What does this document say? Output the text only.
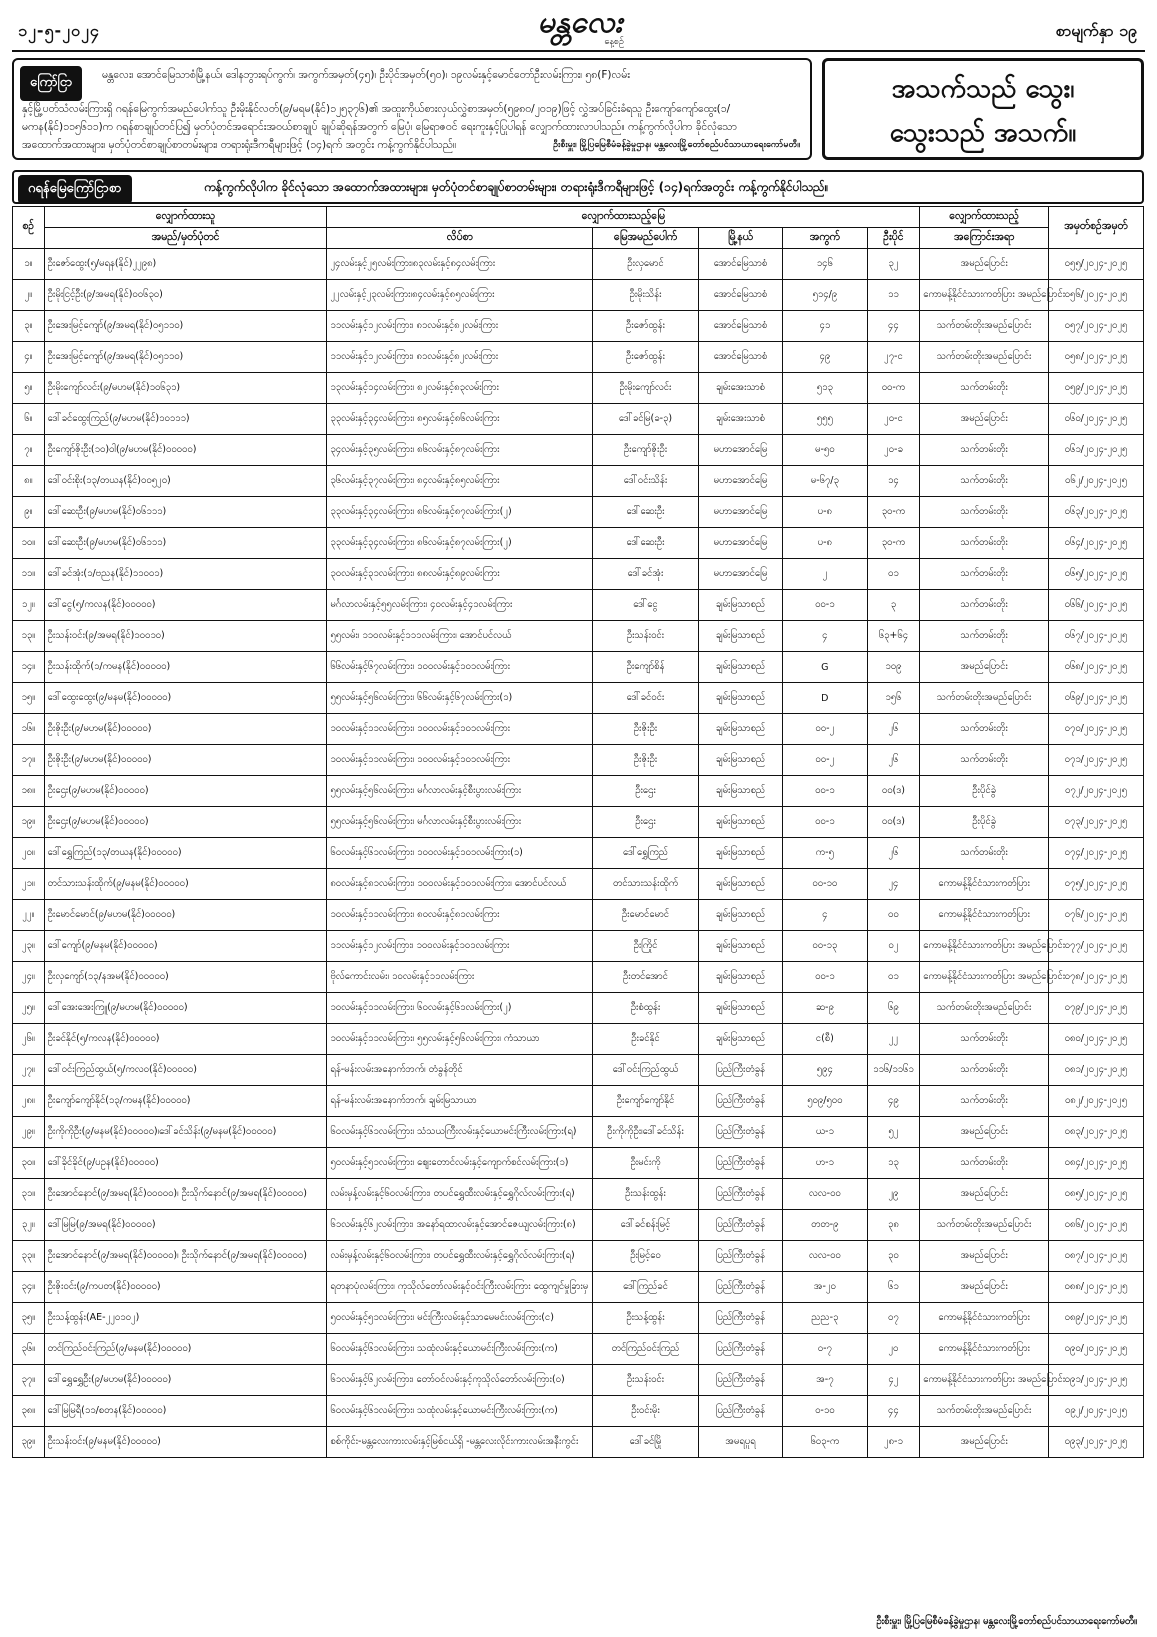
၁၂-၅-၂၀၂၄	မန္တလေး
နေ့စဉ်
စာမျက်နှာ ၁၉
ကြော်ငြာ	မန္တလေး၊ အောင်မြေသာစံမြို့နယ်၊ ဒေါနဘွားရပ်ကွက်၊ အကွက်အမှတ်(၄၅)၊ ဦးပိုင်အမှတ်(၅၀)၊ ၁၉လမ်းနှင့်မောင်တော်ဦးလမ်းကြား၊ ၅၈(F)လမ်း
နှင့်မြို့ပတ်သံလမ်းကြားရှိ ဂရန်မြေကွက်အမည်ပေါက်သူ ဦးမိုးနိုင်လတ်(၉/မရမ(နိုင်)၁၂၅၃၇၆)၏ အထူးကိုယ်စားလှယ်လွှဲစာအမှတ်(၅၉၈၀/၂၀၁၉)ဖြင့် လွှဲအပ်ခြင်းခံရသူ ဦးကျော်ကျော်ထွေး(၁/မကန(နိုင်)၁၁၅၆၁၁)က ဂရန်စာချုပ်တင်ပြ၍ မှတ်ပုံတင်အရောင်းအဝယ်စာချုပ် ချုပ်ဆိုရန်အတွက် မြေပုံ၊ မြေရာဇဝင် ရေးကူးနှင့်ပြုပါရန် လျှောက်ထားလာပါသည်။ ကန့်ကွက်လိုပါက ခိုင်လုံသောအထောက်အထားများ၊ မှတ်ပုံတင်စာချုပ်စာတမ်းများ၊ တရားရုံးဒီကရီများဖြင့် (၁၄)ရက် အတွင်း ကန့်ကွက်နိုင်ပါသည်။	ဦးစီးမှူး၊ မြို့ပြမြေစီမံခန့်ခွဲမှုဌာန၊ မန္တလေးမြို့တော်စည်ပင်သာယာရေးကော်မတီ။
အသက်သည် သွေး၊
သွေးသည် အသက်။
ဂရန်မြေကြော်ငြာစာ	ကန့်ကွက်လိုပါက ခိုင်လုံသော အထောက်အထားများ၊ မှတ်ပုံတင်စာချုပ်စာတမ်းများ၊ တရားရုံးဒီကရီများဖြင့် (၁၄)ရက်အတွင်း ကန့်ကွက်နိုင်ပါသည်။
စဉ်	လျှောက်ထားသူ	လျှောက်ထားသည့်မြေ					လျှောက်ထားသည့်	အမှတ်စဉ်အမှတ်
	အမည်/မှတ်ပုံတင်	လိပ်စာ	မြေအမည်ပေါက်	မြို့နယ်	အကွက်	ဦးပိုင်	အကြောင်းအရာ	
၁။	ဦးဇော်ထွေး(၅/မရန(နိုင်)၂၂၉၈)	၂၄လမ်းနှင့်၂၅လမ်းကြား၊၈၃လမ်းနှင့်၈၄လမ်းကြား	ဦးလှမောင်	အောင်မြေသာစံ	၁၄၆	၃၂	အမည်ပြောင်း	၀၅၅/၂၀၂၄-၂၀၂၅
၂။	ဦးမိုးငြင့်ဦး(၉/အမရ(နိုင်)၀၀၆၃၀)	၂၂လမ်းနှင့်၂၃လမ်းကြား၊၈၄လမ်းနှင့်၈၅လမ်းကြား	ဦးမိုးသိန်း	အောင်မြေသာစံ	၅၁၄/၉	၁၁	ကောမန့်နိုင်ငံသားကတ်ပြား အမည်ပြောင်း	၀၅၆/၂၀၂၄-၂၀၂၅
၃။	ဦးအေးမြင့်ကျော်(၉/အမရ(နိုင်)၀၅၁၁၀)	၁၁လမ်းနှင့်၁၂လမ်းကြား၊ ၈၁လမ်းနှင့်၈၂လမ်းကြား	ဦးဇော်ထွန်း	အောင်မြေသာစံ	၄၁	၄၄	သက်တမ်းတိုးအမည်ပြောင်း	၀၅၇/၂၀၂၄-၂၀၂၅
၄။	ဦးအေးမြင့်ကျော်(၉/အမရ(နိုင်)၀၅၁၁၀)	၁၁လမ်းနှင့်၁၂လမ်းကြား၊ ၈၁လမ်းနှင့်၈၂လမ်းကြား	ဦးဇော်ထွန်း	အောင်မြေသာစံ	၄၉	၂၇-င	သက်တမ်းတိုးအမည်ပြောင်း	၀၅၈/၂၀၂၄-၂၀၂၅
၅။	ဦးမိုးကျော်လင်း(၉/မဟမ(နိုင်)၁၀၆၃၁)	၁၃လမ်းနှင့်၁၄လမ်းကြား၊ ၈၂လမ်းနှင့်၈၃လမ်းကြား	ဦးမိုးကျော်လင်း	ချမ်းအေးသာစံ	၅၁၃	၀၀-က	သက်တမ်းတိုး	၀၅၉/၂၀၂၄-၂၀၂၅
၆။	ဒေါ်ခင်ထွေးကြည်(၉/မဟမ(နိုင်)၁၀၁၁၁)	၃၃လမ်းနှင့်၃၄လမ်းကြား၊ ၈၅လမ်းနှင့်၈၆လမ်းကြား	ဒေါ်ခင်မြ(ခ-၃)	ချမ်းအေးသာစံ	၅၅၅	၂၀-င	အမည်ပြောင်း	၀၆၀/၂၀၂၄-၂၀၂၅
၇။	ဦးကျော်ဇိုးဦး(၁၀)ဝါ(၉/မဟမ(နိုင်)၀၀၀၀၀)	၃၄လမ်းနှင့်၃၅လမ်းကြား၊ ၈၆လမ်းနှင့်၈၇လမ်းကြား	ဦးကျော်ဇိုးဦး	မဟာအောင်မြေ	မ-၅၀	၂၀-ခ	သက်တမ်းတိုး	၀၆၁/၂၀၂၄-၂၀၂၅
၈။	ဒေါ်ဝင်းစိုး(၁၃/တယန(နိုင်)၀၀၅၂၀)	၃၆လမ်းနှင့်၃၇လမ်းကြား၊ ၈၄လမ်းနှင့်၈၅လမ်းကြား	ဒေါ်ဝင်းသိန်း	မဟာအောင်မြေ	မ-၆၇/၃	၁၄	သက်တမ်းတိုး	၀၆၂/၂၀၂၄-၂၀၂၅
၉။	ဒေါ်ဆေးဦး(၉/မဟမ(နိုင်)၀၆၁၁၁)	၃၃လမ်းနှင့်၃၄လမ်းကြား၊ ၈၆လမ်းနှင့်၈၇လမ်းကြား(၂)	ဒေါ်ဆေးဦး	မဟာအောင်မြေ	ပ-၈	၃၀-က	သက်တမ်းတိုး	၀၆၃/၂၀၂၄-၂၀၂၅
၁၀။	ဒေါ်ဆေးဦး(၉/မဟမ(နိုင်)၀၆၁၁၁)	၃၃လမ်းနှင့်၃၄လမ်းကြား၊ ၈၆လမ်းနှင့်၈၇လမ်းကြား(၂)	ဒေါ်ဆေးဦး	မဟာအောင်မြေ	ပ-၈	၃၀-က	သက်တမ်းတိုး	၀၆၄/၂၀၂၄-၂၀၂၅
၁၁။	ဒေါ်ခင်အုံး(၁/ဗညန(နိုင်)၁၁၀၀၁)	၃၀လမ်းနှင့်၃၁လမ်းကြား၊ ၈၈လမ်းနှင့်၈၉လမ်းကြား	ဒေါ်ခင်အုံး	မဟာအောင်မြေ	၂	၀၁	သက်တမ်းတိုး	၀၆၅/၂၀၂၄-၂၀၂၅
၁၂။	ဒေါ်ငွေ(၅/ကလန(နိုင်)၀၀၀၀၀)	မင်္ဂလာလမ်းနှင့်၅၅လမ်းကြား၊ ၄၀လမ်းနှင့်၄၁လမ်းကြား	ဒေါ်ငွေ	ချမ်းမြသာစည်	၀၀-၁	၃	သက်တမ်းတိုး	၀၆၆/၂၀၂၄-၂၀၂၅
၁၃။	ဦးသန်းဝင်း(၉/အမရ(နိုင်)၁၀၀၁၀)	၅၅လမ်း၊ ၁၁၀လမ်းနှင့်၁၁၁လမ်းကြား၊ အောင်ပင်လယ်	ဦးသန်းဝင်း	ချမ်းမြသာစည်	၄	၆၃+၆၄	သက်တမ်းတိုး	၀၆၇/၂၀၂၄-၂၀၂၅
၁၄။	ဦးသန်းထိုက်(၁/ကမန(နိုင်)၀၀၀၀၀)	၆၆လမ်းနှင့်၆၇လမ်းကြား၊ ၁၀၀လမ်းနှင့်၁၀၁လမ်းကြား	ဦးကျော်စိန်	ချမ်းမြသာစည်	G	၁၀၉	အမည်ပြောင်း	၀၆၈/၂၀၂၄-၂၀၂၅
၁၅။	ဒေါ်ထွေးထွေး(၉/မနမ(နိုင်)၀၀၀၀၀)	၅၅လမ်းနှင့်၅၆လမ်းကြား၊ ၆၆လမ်းနှင့်၆၇လမ်းကြား(၁)	ဒေါ်ခင်ဝင်း	ချမ်းမြသာစည်	D	၁၅၆	သက်တမ်းတိုးအမည်ပြောင်း	၀၆၉/၂၀၂၄-၂၀၂၅
၁၆။	ဦးဇိုးဦး(၉/မဟမ(နိုင်)၀၀၀၀၀)	၁၀လမ်းနှင့်၁၁လမ်းကြား၊ ၁၀၀လမ်းနှင့်၁၀၁လမ်းကြား	ဦးဇိုးဦး	ချမ်းမြသာစည်	၀၀-၂	၂၆	သက်တမ်းတိုး	၀၇၀/၂၀၂၄-၂၀၂၅
၁၇။	ဦးဇိုးဦး(၉/မဟမ(နိုင်)၀၀၀၀၀)	၁၀လမ်းနှင့်၁၁လမ်းကြား၊ ၁၀၀လမ်းနှင့်၁၀၁လမ်းကြား	ဦးဇိုးဦး	ချမ်းမြသာစည်	၀၀-၂	၂၆	သက်တမ်းတိုး	၀၇၁/၂၀၂၄-၂၀၂၅
၁၈။	ဦးဌေး(၉/မဟမ(နိုင်)၀၀၀၀၀)	၅၅လမ်းနှင့်၅၆လမ်းကြား၊ မင်္ဂလာလမ်းနှင့်စီးပွားလမ်းကြား	ဦးဌေး	ချမ်းမြသာစည်	၀၀-၁	၀၀(ဒ)	ဦးပိုင်ခွဲ	၀၇၂/၂၀၂၄-၂၀၂၅
၁၉။	ဦးဌေး(၉/မဟမ(နိုင်)၀၀၀၀၀)	၅၅လမ်းနှင့်၅၆လမ်းကြား၊ မင်္ဂလာလမ်းနှင့်စီးပွားလမ်းကြား	ဦးဌေး	ချမ်းမြသာစည်	၀၀-၁	၀၀(ဒ)	ဦးပိုင်ခွဲ	၀၇၃/၂၀၂၄-၂၀၂၅
၂၀။	ဒေါ်ရွှေကြည်(၁၃/တယန(နိုင်)၀၀၀၀၀)	၆၀လမ်းနှင့်၆၁လမ်းကြား၊ ၁၀၀လမ်းနှင့်၁၀၁လမ်းကြား(၁)	ဒေါ်ရွှေကြည်	ချမ်းမြသာစည်	က-၅	၂၆	သက်တမ်းတိုး	၀၇၄/၂၀၂၄-၂၀၂၅
၂၁။	တင်သားသန်းထိုက်(၉/မနမ(နိုင်)၀၀၀၀၀)	၈၀လမ်းနှင့်၈၁လမ်းကြား၊ ၁၀၀လမ်းနှင့်၁၀၁လမ်းကြား၊ အောင်ပင်လယ်	တင်သားသန်းထိုက်	ချမ်းမြသာစည်	၀၀-၁၀	၂၄	ကောမန့်နိုင်ငံသားကတ်ပြား	၀၇၅/၂၀၂၄-၂၀၂၅
၂၂။	ဦးမောင်မောင်(၉/မဟမ(နိုင်)၀၀၀၀၀)	၁၀လမ်းနှင့်၁၁လမ်းကြား၊ ၈၀လမ်းနှင့်၈၁လမ်းကြား	ဦးမောင်မောင်	ချမ်းမြသာစည်	၄	၀၀	ကောမန့်နိုင်ငံသားကတ်ပြား	၀၇၆/၂၀၂၄-၂၀၂၅
၂၃။	ဒေါ်ကျော်(၉/မနမ(နိုင်)၀၀၀၀၀)	၁၁လမ်းနှင့်၁၂လမ်းကြား၊ ၁၀၀လမ်းနှင့်၁၀၁လမ်းကြား	ဦးကြိုင်	ချမ်းမြသာစည်	၀၀-၁၃	၀၂	ကောမန့်နိုင်ငံသားကတ်ပြား အမည်ပြောင်း	၀၇၇/၂၀၂၄-၂၀၂၅
၂၄။	ဦးလှကျော်(၁၃/နအမ(နိုင်)၀၀၀၀၀)	ဗိုလ်ကောင်းလမ်း၊ ၁၀လမ်းနှင့်၁၁လမ်းကြား	ဦးတင်အောင်	ချမ်းမြသာစည်	၀၀-၁	၀၁	ကောမန့်နိုင်ငံသားကတ်ပြား အမည်ပြောင်း	၀၇၈/၂၀၂၄-၂၀၂၅
၂၅။	ဒေါ်အေးအေးကြူ(၉/မဟမ(နိုင်)၀၀၀၀၀)	၁၀လမ်းနှင့်၁၁လမ်းကြား၊ ၆၀လမ်းနှင့်၆၁လမ်းကြား(၂)	ဦးစံထွန်း	ချမ်းမြသာစည်	ဆ-၉	၆၉	သက်တမ်းတိုးအမည်ပြောင်း	၀၇၉/၂၀၂၄-၂၀၂၅
၂၆။	ဦးခင်နိုင်(၅/ကလန(နိုင်)၀၀၀၀၀)	၁၀လမ်းနှင့်၁၁လမ်းကြား၊ ၅၅လမ်းနှင့်၅၆လမ်းကြား၊ ကံသာယာ	ဦးခင်နိုင်	ချမ်းမြသာစည်	င(စီ)	၂၂	သက်တမ်းတိုး	၀၈၀/၂၀၂၄-၂၀၂၅
၂၇။	ဒေါ်ဝင်းကြည်ထွယ်(၅/ကလဝ(နိုင်)၀၀၀၀၀)	ရန်-မန်းလမ်းအနောက်ဘက်၊ တံခွန်တိုင်	ဒေါ်ဝင်းကြည်ထွယ်	ပြည်ကြီးတံခွန်	၅၉၄	၁၁၆/၁၁၆၁	သက်တမ်းတိုး	၀၈၁/၂၀၂၄-၂၀၂၅
၂၈။	ဦးကျော်ကျော်နိုင်(၁၃/ကမန(နိုင်)၀၀၀၀၀)	ရန်-မန်းလမ်းအနောက်ဘက်၊ ချမ်းမြသာယာ	ဦးကျော်ကျော်နိုင်	ပြည်ကြီးတံခွန်	၅၀၉/၅၀၀	၄၉	သက်တမ်းတိုး	၀၈၂/၂၀၂၄-၂၀၂၅
၂၉။	ဦးကိုကိုဦး(၉/မနမ(နိုင်)၀၀၀၀၀)၊ဒေါ်ခင်သိန်း(၉/မနမ(နိုင်)၀၀၀၀၀)	၆၀လမ်းနှင့်၆၁လမ်းကြား၊ သံသယကြီးလမ်းနှင့်ယောမင်းကြီးလမ်းကြား(ရ)	ဦးကိုကိုဦး၊ဒေါ်ခင်သိန်း	ပြည်ကြီးတံခွန်	ယ-၁	၅၂	အမည်ပြောင်း	၀၈၃/၂၀၂၄-၂၀၂၅
၃၀။	ဒေါ်ခိုင်ခိုင်(၉/ပဥန(နိုင်)၀၀၀၀၀)	၅၀လမ်းနှင့်၅၁လမ်းကြား၊ ဈေးတောင်လမ်းနှင့်ကျောက်စင်လမ်းကြား(၁)	ဦးမင်းကို	ပြည်ကြီးတံခွန်	ဟ-၁	၁၃	သက်တမ်းတိုး	၀၈၄/၂၀၂၄-၂၀၂၅
၃၁။	ဦးအောင်နောင်(၉/အမရ(နိုင်)၀၀၀၀၀)၊ ဦးသိုက်နောင်(၉/အမရ(နိုင်)၀၀၀၀၀)	လမ်းမှန့်လမ်းနှင့်၆၀လမ်းကြား၊ တပင်ရွှေထီးလမ်းနှင့်ရွှေဂိုလ်လမ်းကြား(ရ)	ဦးသန်းထွန်း	ပြည်ကြီးတံခွန်	လလ-၀၀	၂၉	အမည်ပြောင်း	၀၈၅/၂၀၂၄-၂၀၂၅
၃၂။	ဒေါ်မြမြ(၉/အမရ(နိုင်)၀၀၀၀၀)	၆၁လမ်းနှင့်၆၂လမ်းကြား၊ အနော်ရထာလမ်းနှင့်အောင်ဇေယျလမ်းကြား(၈)	ဒေါ်ခင်စန်းမြင့်	ပြည်ကြီးတံခွန်	တတ-၉	၃၈	သက်တမ်းတိုးအမည်ပြောင်း	၀၈၆/၂၀၂၄-၂၀၂၅
၃၃။	ဦးအောင်နောင်(၉/အမရ(နိုင်)၀၀၀၀၀)၊ ဦးသိုက်နောင်(၉/အမရ(နိုင်)၀၀၀၀၀)	လမ်းမှန့်လမ်းနှင့်၆၀လမ်းကြား၊ တပင်ရွှေထီးလမ်းနှင့်ရွှေဂိုလ်လမ်းကြား(ရ)	ဦးမြင့်ဝေ	ပြည်ကြီးတံခွန်	လလ-၀၀	၃၀	အမည်ပြောင်း	၀၈၇/၂၀၂၄-၂၀၂၅
၃၄။	ဦးဇိုးဝင်း(၉/ကပတ(နိုင်)၀၀၀၀၀)	ရတနာပုံလမ်းကြား၊ ကုသိုလ်တော်လမ်းနှင့်ဝင်းကြီးလမ်းကြား ထွေကျင်မှုခြားမှ	ဒေါ်ကြည်ခင်	ပြည်ကြီးတံခွန်	အ-၂၀	၆၁	အမည်ပြောင်း	၀၈၈/၂၀၂၄-၂၀၂၅
၃၅။	ဦးသန့်ထွန်း(AE-၂၂၀၁၀၂)	၅၀လမ်းနှင့်၅၁လမ်းကြား၊ မင်းကြီးလမ်းနှင့်သာမေမင်းလမ်းကြား(င)	ဦးသန့်ထွန်း	ပြည်ကြီးတံခွန်	ညည-၃	၀၇	ကောမန့်နိုင်ငံသားကတ်ပြား	၀၈၉/၂၀၂၄-၂၀၂၅
၃၆။	တင်ကြည်ဝင်းကြည်(၉/မနမ(နိုင်)၀၀၀၀၀)	၆၀လမ်းနှင့်၆၁လမ်းကြား၊ သထုံလမ်းနှင့်ယောမင်းကြီးလမ်းကြား(က)	တင်ကြည်ဝင်းကြည်	ပြည်ကြီးတံခွန်	ဝ-၇	၂၀	ကောမန့်နိုင်ငံသားကတ်ပြား	၀၉၀/၂၀၂၄-၂၀၂၅
၃၇။	ဒေါ်ရွှေရွှေဦး(၉/မဟမ(နိုင်)၀၀၀၀၀)	၆၁လမ်းနှင့်၆၂လမ်းကြား၊ တော်ဝင်လမ်းနှင့်ကုသိုလ်တော်လမ်းကြား(ဝ)	ဦးသန်းဝင်း	ပြည်ကြီးတံခွန်	အ-၇	၄၂	ကောမန့်နိုင်ငံသားကတ်ပြား အမည်ပြောင်း	၀၉၁/၂၀၂၄-၂၀၂၅
၃၈။	ဒေါ်မြမြရီ(၁၁/စတန(နိုင်)၀၀၀၀၀)	၆၀လမ်းနှင့်၆၁လမ်းကြား၊ သထုံလမ်းနှင့်ယောမင်းကြီးလမ်းကြား(က)	ဦးဝင်းမိုး	ပြည်ကြီးတံခွန်	ဝ-၁၀	၄၄	သက်တမ်းတိုးအမည်ပြောင်း	၀၉၂/၂၀၂၄-၂၀၂၅
၃၉။	ဦးသန်းဝင်း(၉/မနမ(နိုင်)၀၀၀၀၀)	စစ်ကိုင်း-မန္တလေးကားလမ်းနှင့်မြစ်ငယ်ရှိ -မန္တလေးလိုင်းကားလမ်းအနီးကွင်း	ဒေါ်ခင်မြို	အမရပူရ	၆၀၃-က	၂၈-၁	အမည်ပြောင်း	၀၉၃/၂၀၂၄-၂၀၂၅
ဦးစီးမှူး၊ မြို့ပြမြေစီမံခန့်ခွဲမှုဌာန၊ မန္တလေးမြို့တော်စည်ပင်သာယာရေးကော်မတီ။
